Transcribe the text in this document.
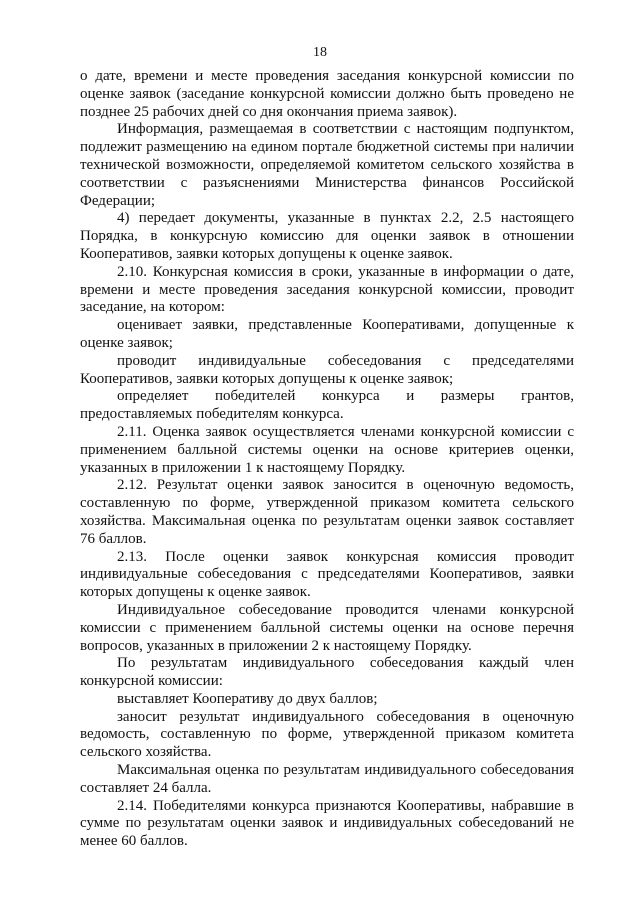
18

о дате, времени и месте проведения заседания конкурсной комиссии по оценке заявок (заседание конкурсной комиссии должно быть проведено не позднее 25 рабочих дней со дня окончания приема заявок).

Информация, размещаемая в соответствии с настоящим подпунктом, подлежит размещению на едином портале бюджетной системы при наличии технической возможности, определяемой комитетом сельского хозяйства в соответствии с разъяснениями Министерства финансов Российской Федерации;

4) передает документы, указанные в пунктах 2.2, 2.5 настоящего Порядка, в конкурсную комиссию для оценки заявок в отношении Кооперативов, заявки которых допущены к оценке заявок.

2.10. Конкурсная комиссия в сроки, указанные в информации о дате, времени и месте проведения заседания конкурсной комиссии, проводит заседание, на котором:

оценивает заявки, представленные Кооперативами, допущенные к оценке заявок;

проводит индивидуальные собеседования с председателями Кооперативов, заявки которых допущены к оценке заявок;

определяет победителей конкурса и размеры грантов, предоставляемых победителям конкурса.

2.11. Оценка заявок осуществляется членами конкурсной комиссии с применением балльной системы оценки на основе критериев оценки, указанных в приложении 1 к настоящему Порядку.

2.12. Результат оценки заявок заносится в оценочную ведомость, составленную по форме, утвержденной приказом комитета сельского хозяйства. Максимальная оценка по результатам оценки заявок составляет 76 баллов.

2.13. После оценки заявок конкурсная комиссия проводит индивидуальные собеседования с председателями Кооперативов, заявки которых допущены к оценке заявок.

Индивидуальное собеседование проводится членами конкурсной комиссии с применением балльной системы оценки на основе перечня вопросов, указанных в приложении 2 к настоящему Порядку.

По результатам индивидуального собеседования каждый член конкурсной комиссии:

выставляет Кооперативу до двух баллов;

заносит результат индивидуального собеседования в оценочную ведомость, составленную по форме, утвержденной приказом комитета сельского хозяйства.

Максимальная оценка по результатам индивидуального собеседования составляет 24 балла.

2.14. Победителями конкурса признаются Кооперативы, набравшие в сумме по результатам оценки заявок и индивидуальных собеседований не менее 60 баллов.
